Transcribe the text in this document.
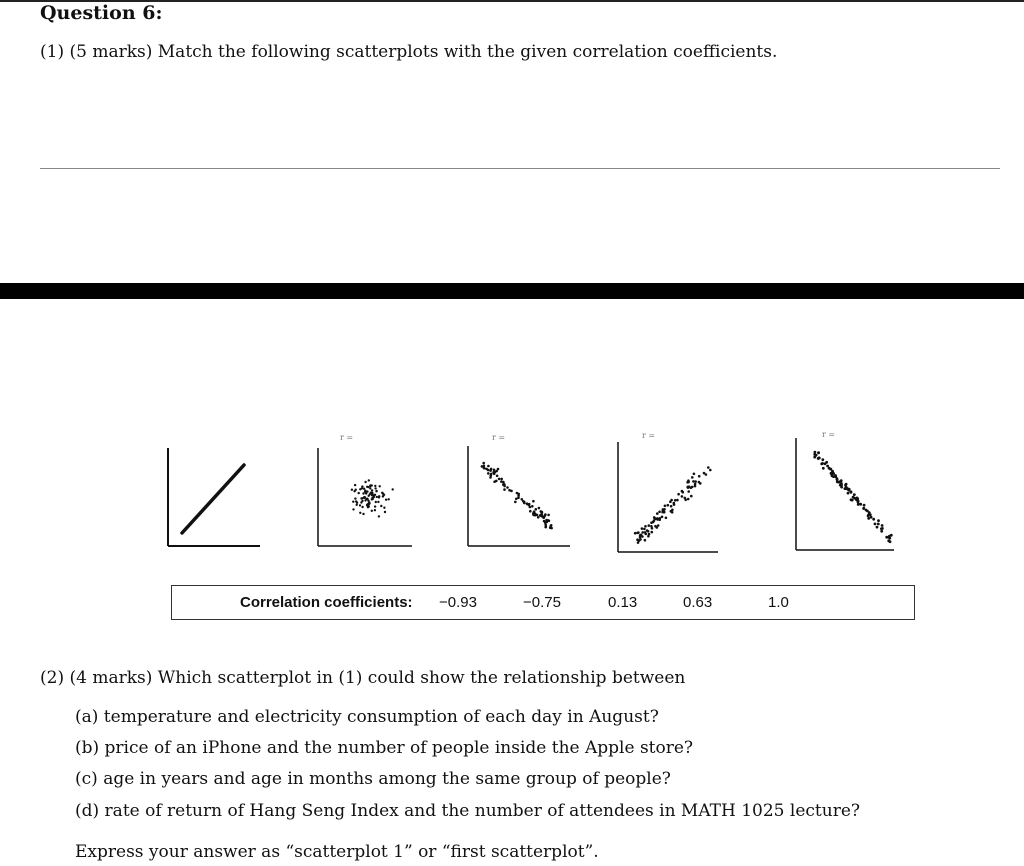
Question 6:
(1) (5 marks) Match the following scatterplots with the given correlation coefficients.
r =	r =	r =	r =
Correlation coefficients: −0.93	−0.75	0.13	0.63	1.0
(2) (4 marks) Which scatterplot in (1) could show the relationship between
(a) temperature and electricity consumption of each day in August?
(b) price of an iPhone and the number of people inside the Apple store?
(c) age in years and age in months among the same group of people?
(d) rate of return of Hang Seng Index and the number of attendees in MATH 1025 lecture?
Express your answer as “scatterplot 1” or “first scatterplot”.
